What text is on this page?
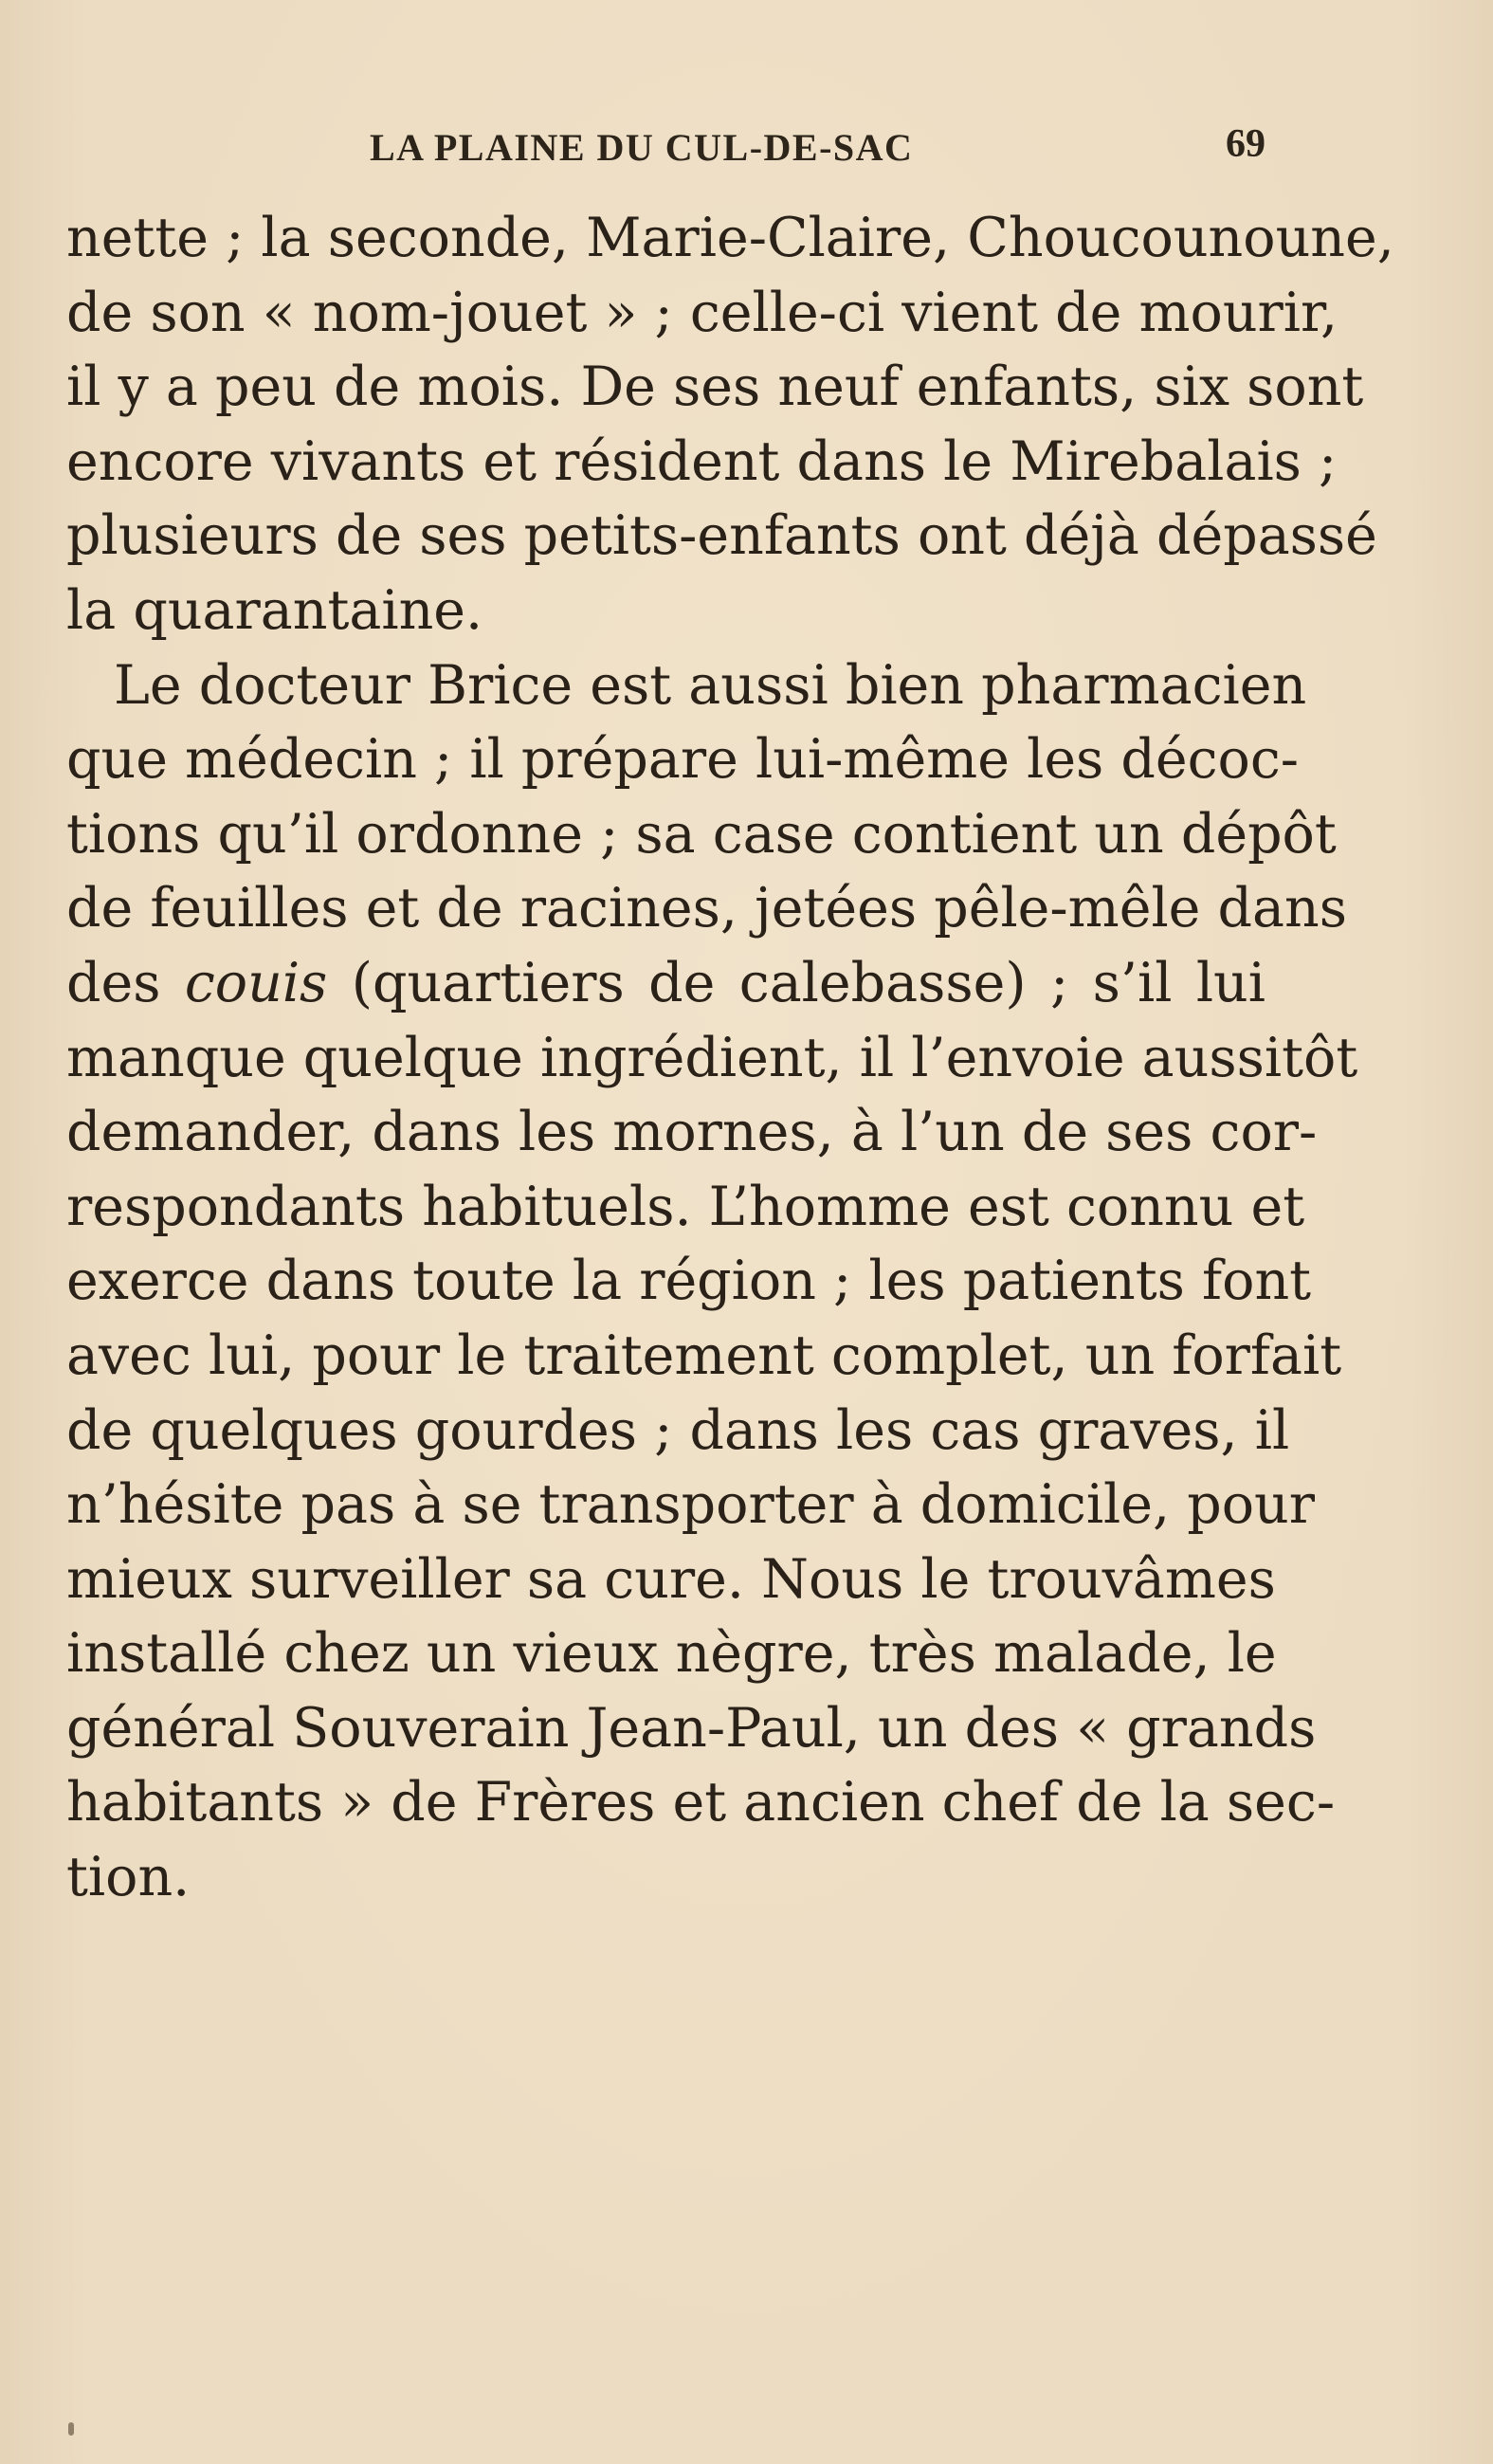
LA PLAINE DU CUL-DE-SAC	69
nette ; la seconde, Marie-Claire, Choucounoune,
de son « nom-jouet » ; celle-ci vient de mourir,
il y a peu de mois. De ses neuf enfants, six sont
encore vivants et résident dans le Mirebalais ;
plusieurs de ses petits-enfants ont déjà dépassé
la quarantaine.
Le docteur Brice est aussi bien pharmacien
que médecin ; il prépare lui-même les décoc-
tions qu’il ordonne ; sa case contient un dépôt
de feuilles et de racines, jetées pêle-mêle dans
des couis (quartiers de calebasse) ; s’il lui
manque quelque ingrédient, il l’envoie aussitôt
demander, dans les mornes, à l’un de ses cor-
respondants habituels. L’homme est connu et
exerce dans toute la région ; les patients font
avec lui, pour le traitement complet, un forfait
de quelques gourdes ; dans les cas graves, il
n’hésite pas à se transporter à domicile, pour
mieux surveiller sa cure. Nous le trouvâmes
installé chez un vieux nègre, très malade, le
général Souverain Jean-Paul, un des « grands
habitants » de Frères et ancien chef de la sec-
tion.
